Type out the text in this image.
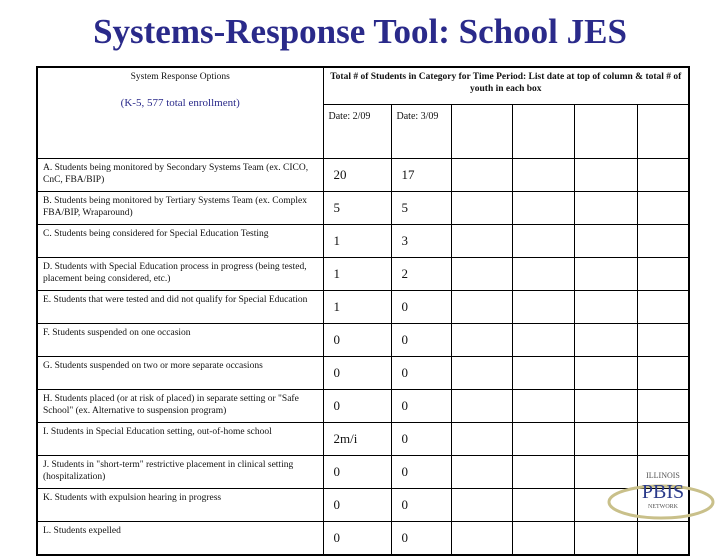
Systems-Response Tool: School JES
System Response Options
(K-5, 577 total enrollment)	Total # of Students in Category for Time Period: List date at top of column & total # of youth in each box					
	Date: 2/09	Date: 3/09				
A. Students being monitored by Secondary Systems Team (ex. CICO, CnC, FBA/BIP)	20	17				
B. Students being monitored by Tertiary Systems Team (ex. Complex FBA/BIP, Wraparound)	5	5				
C. Students being considered for Special Education Testing	1	3				
D. Students with Special Education process in progress (being tested, placement being considered, etc.)	1	2				
E. Students that were tested and did not qualify for Special Education	1	0				
F. Students suspended on one occasion	0	0				
G. Students suspended on two or more separate occasions	0	0				
H. Students placed (or at risk of placed) in separate setting or "Safe School" (ex. Alternative to suspension program)	0	0				
I. Students in Special Education setting, out-of-home school	2m/i	0				
J. Students in "short-term" restrictive placement in clinical setting (hospitalization)	0	0				
K. Students with expulsion hearing in progress	0	0				
L. Students expelled	0	0				
ILLINOIS
PBIS
NETWORK
